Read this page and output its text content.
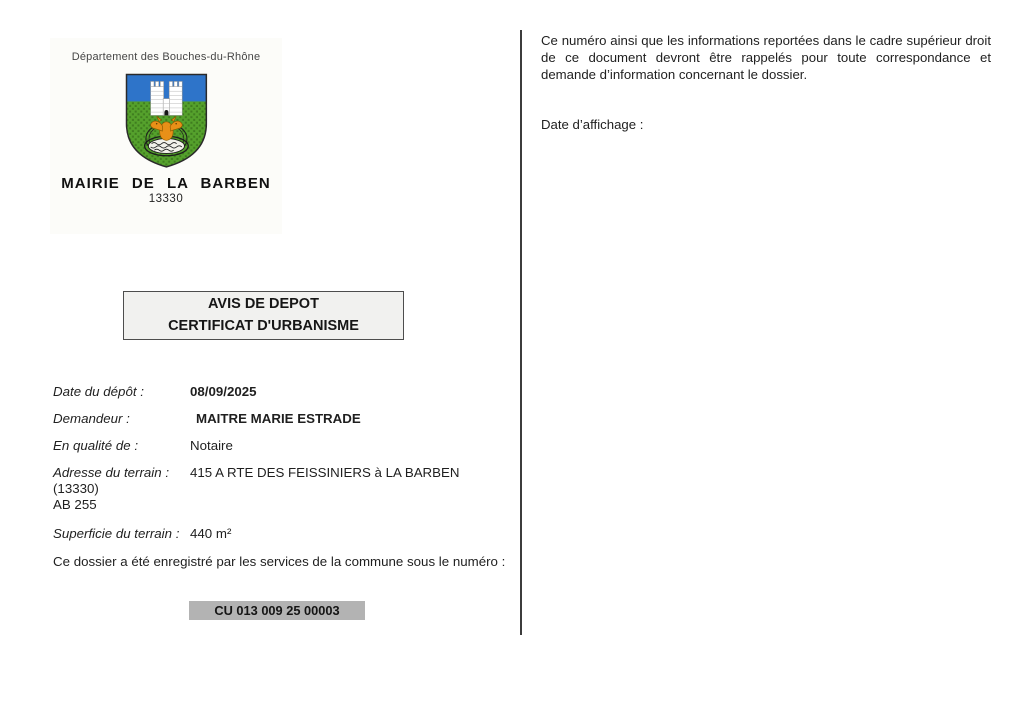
Département des Bouches-du-Rhône
MAIRIE DE LA BARBEN
13330
AVIS DE DEPOT
CERTIFICAT D'URBANISME
Date du dépôt :	08/09/2025
Demandeur :	MAITRE MARIE ESTRADE
En qualité de :	Notaire
Adresse du terrain :	415 A RTE DES FEISSINIERS à LA BARBEN
(13330)
AB 255
Superficie du terrain : 440 m²
Ce dossier a été enregistré par les services de la commune sous le numéro :
CU 013 009 25 00003

Ce numéro ainsi que les informations reportées dans le cadre supérieur droit de ce document devront être rappelés pour toute correspondance et demande d’information concernant le dossier.

Date d’affichage :
